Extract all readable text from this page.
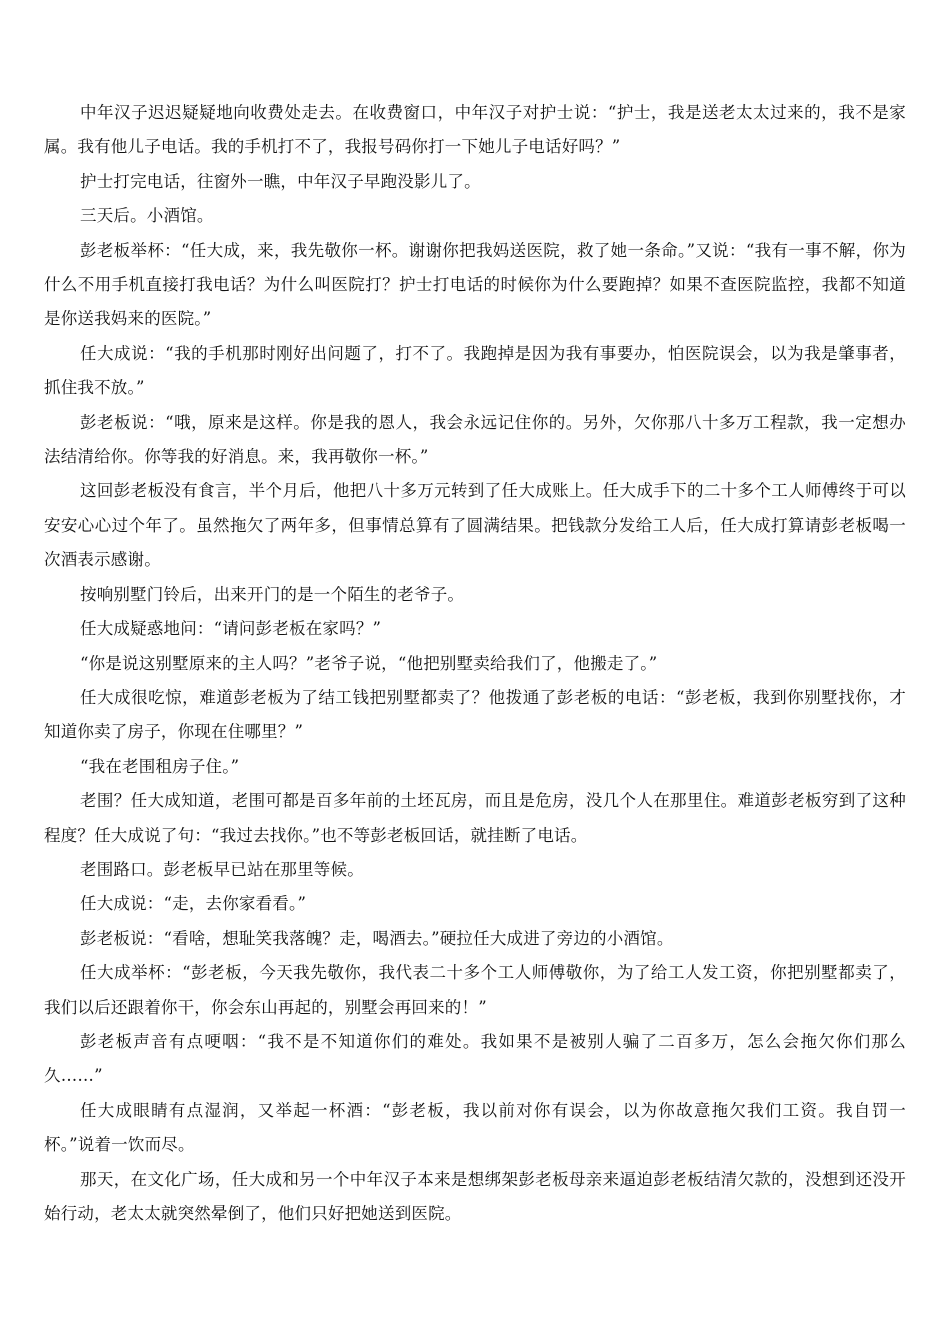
中年汉子迟迟疑疑地向收费处走去。在收费窗口，中年汉子对护士说：“护士，我是送老太太过来的，我不是家属。我有他儿子电话。我的手机打不了，我报号码你打一下她儿子电话好吗？”

护士打完电话，往窗外一瞧，中年汉子早跑没影儿了。

三天后。小酒馆。

彭老板举杯：“任大成，来，我先敬你一杯。谢谢你把我妈送医院，救了她一条命。”又说：“我有一事不解，你为什么不用手机直接打我电话？为什么叫医院打？护士打电话的时候你为什么要跑掉？如果不查医院监控，我都不知道是你送我妈来的医院。”

任大成说：“我的手机那时刚好出问题了，打不了。我跑掉是因为我有事要办，怕医院误会，以为我是肇事者，抓住我不放。”

彭老板说：“哦，原来是这样。你是我的恩人，我会永远记住你的。另外，欠你那八十多万工程款，我一定想办法结清给你。你等我的好消息。来，我再敬你一杯。”

这回彭老板没有食言，半个月后，他把八十多万元转到了任大成账上。任大成手下的二十多个工人师傅终于可以安安心心过个年了。虽然拖欠了两年多，但事情总算有了圆满结果。把钱款分发给工人后，任大成打算请彭老板喝一次酒表示感谢。

按响别墅门铃后，出来开门的是一个陌生的老爷子。

任大成疑惑地问：“请问彭老板在家吗？”

“你是说这别墅原来的主人吗？”老爷子说，“他把别墅卖给我们了，他搬走了。”

任大成很吃惊，难道彭老板为了结工钱把别墅都卖了？他拨通了彭老板的电话：“彭老板，我到你别墅找你，才知道你卖了房子，你现在住哪里？”

“我在老围租房子住。”

老围？任大成知道，老围可都是百多年前的土坯瓦房，而且是危房，没几个人在那里住。难道彭老板穷到了这种程度？任大成说了句：“我过去找你。”也不等彭老板回话，就挂断了电话。

老围路口。彭老板早已站在那里等候。

任大成说：“走，去你家看看。”

彭老板说：“看啥，想耻笑我落魄？走，喝酒去。”硬拉任大成进了旁边的小酒馆。

任大成举杯：“彭老板，今天我先敬你，我代表二十多个工人师傅敬你，为了给工人发工资，你把别墅都卖了，我们以后还跟着你干，你会东山再起的，别墅会再回来的！”

彭老板声音有点哽咽：“我不是不知道你们的难处。我如果不是被别人骗了二百多万，怎么会拖欠你们那么久……”

任大成眼睛有点湿润，又举起一杯酒：“彭老板，我以前对你有误会，以为你故意拖欠我们工资。我自罚一杯。”说着一饮而尽。

那天，在文化广场，任大成和另一个中年汉子本来是想绑架彭老板母亲来逼迫彭老板结清欠款的，没想到还没开始行动，老太太就突然晕倒了，他们只好把她送到医院。
